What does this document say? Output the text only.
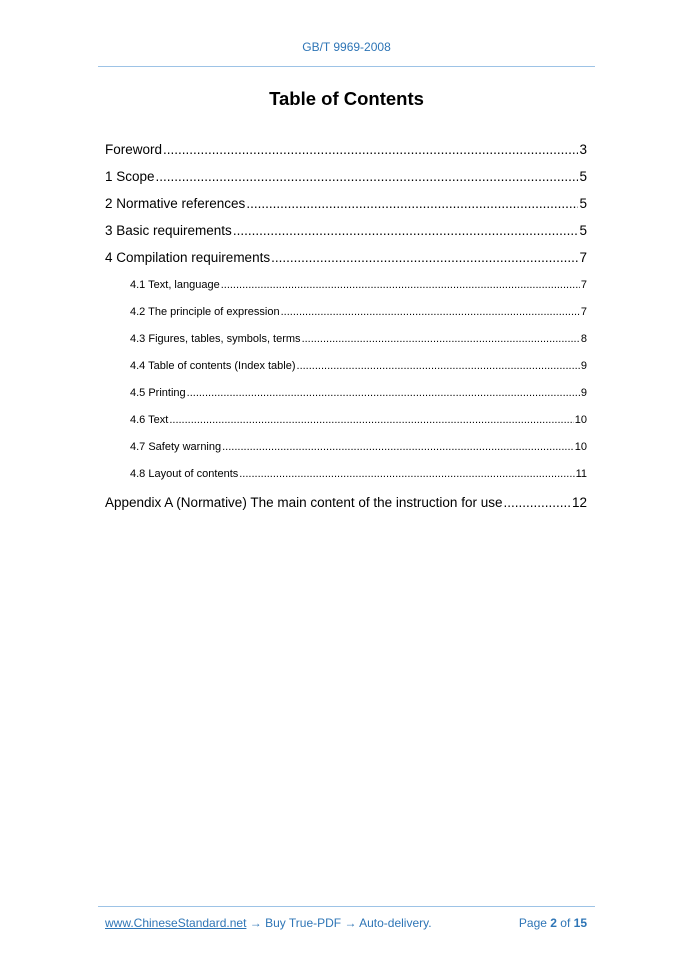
GB/T 9969-2008
Table of Contents
Foreword .....	3
1 Scope .....	5
2 Normative references .....	5
3 Basic requirements .....	5
4 Compilation requirements .....	7
4.1 Text, language .....	7
4.2 The principle of expression .....	7
4.3 Figures, tables, symbols, terms .....	8
4.4 Table of contents (Index table) .....	9
4.5 Printing .....	9
4.6 Text .....	10
4.7 Safety warning .....	10
4.8 Layout of contents .....	11
Appendix A (Normative) The main content of the instruction for use .....	12
www.ChineseStandard.net → Buy True-PDF → Auto-delivery.	Page 2 of 15
